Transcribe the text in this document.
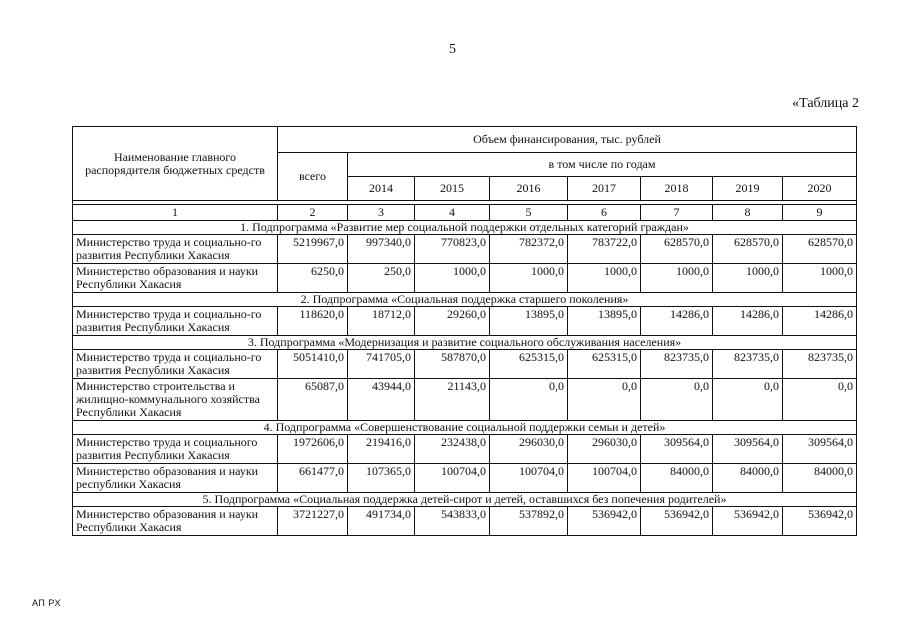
5
«Таблица 2
Наименование главного распорядителя бюджетных средств	Объем финансирования, тыс. рублей							
	всего	в том числе по годам						
		2014	2015	2016	2017	2018	2019	2020

1	2	3	4	5	6	7	8	9
1. Подпрограмма «Развитие мер социальной поддержки отдельных категорий граждан»								
Министерство труда и социально-го развития Республики Хакасия	5219967,0	997340,0	770823,0	782372,0	783722,0	628570,0	628570,0	628570,0
Министерство образования и науки Республики Хакасия	6250,0	250,0	1000,0	1000,0	1000,0	1000,0	1000,0	1000,0
2. Подпрограмма «Социальная поддержка старшего поколения»								
Министерство труда и социально-го развития Республики Хакасия	118620,0	18712,0	29260,0	13895,0	13895,0	14286,0	14286,0	14286,0
3. Подпрограмма «Модернизация и развитие социального обслуживания населения»								
Министерство труда и социально-го развития Республики Хакасия	5051410,0	741705,0	587870,0	625315,0	625315,0	823735,0	823735,0	823735,0
Министерство строительства и жилищно-коммунального хозяйства Республики Хакасия	65087,0	43944,0	21143,0	0,0	0,0	0,0	0,0	0,0
4. Подпрограмма «Совершенствование социальной поддержки семьи и детей»								
Министерство труда и социального развития Республики Хакасия	1972606,0	219416,0	232438,0	296030,0	296030,0	309564,0	309564,0	309564,0
Министерство образования и науки республики Хакасия	661477,0	107365,0	100704,0	100704,0	100704,0	84000,0	84000,0	84000,0
5. Подпрограмма «Социальная поддержка детей-сирот и детей, оставшихся без попечения родителей»								
Министерство образования и науки Республики Хакасия	3721227,0	491734,0	543833,0	537892,0	536942,0	536942,0	536942,0	536942,0
АП РХ
